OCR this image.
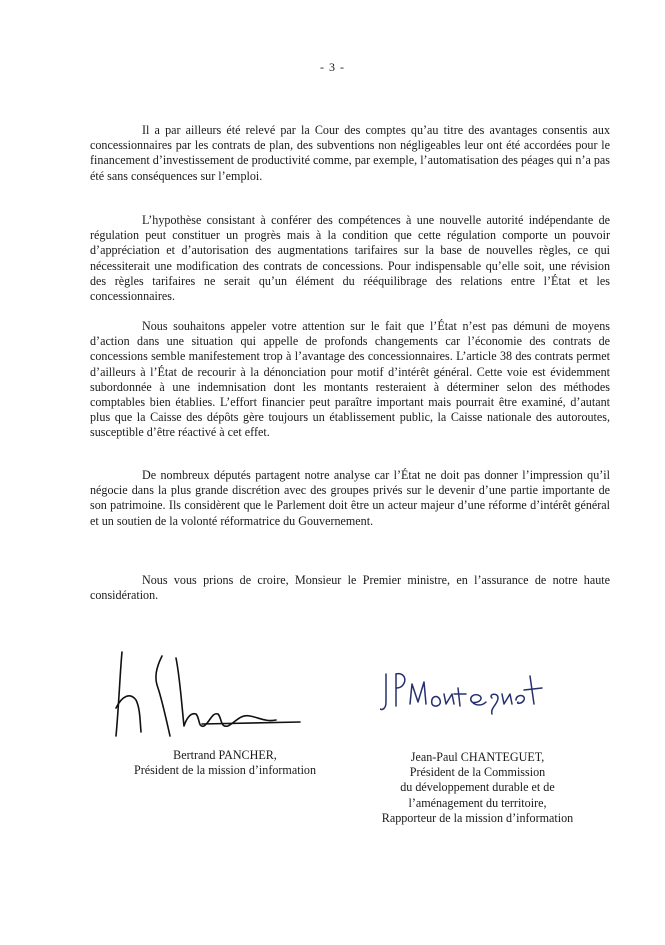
- 3 -

Il a par ailleurs été relevé par la Cour des comptes qu’au titre des avantages consentis aux concessionnaires par les contrats de plan, des subventions non négligeables leur ont été accordées pour le financement d’investissement de productivité comme, par exemple, l’automatisation des péages qui n’a pas été sans conséquences sur l’emploi.

L’hypothèse consistant à conférer des compétences à une nouvelle autorité indépendante de régulation peut constituer un progrès mais à la condition que cette régulation comporte un pouvoir d’appréciation et d’autorisation des augmentations tarifaires sur la base de nouvelles règles, ce qui nécessiterait une modification des contrats de concessions. Pour indispensable qu’elle soit, une révision des règles tarifaires ne serait qu’un élément du rééquilibrage des relations entre l’État et les concessionnaires.

Nous souhaitons appeler votre attention sur le fait que l’État n’est pas démuni de moyens d’action dans une situation qui appelle de profonds changements car l’économie des contrats de concessions semble manifestement trop à l’avantage des concessionnaires. L’article 38 des contrats permet d’ailleurs à l’État de recourir à la dénonciation pour motif d’intérêt général. Cette voie est évidemment subordonnée à une indemnisation dont les montants resteraient à déterminer selon des méthodes comptables bien établies. L’effort financier peut paraître important mais pourrait être examiné, d’autant plus que la Caisse des dépôts gère toujours un établissement public, la Caisse nationale des autoroutes, susceptible d’être réactivé à cet effet.

De nombreux députés partagent notre analyse car l’État ne doit pas donner l’impression qu’il négocie dans la plus grande discrétion avec des groupes privés sur le devenir d’une partie importante de son patrimoine. Ils considèrent que le Parlement doit être un acteur majeur d’une réforme d’intérêt général et un soutien de la volonté réformatrice du Gouvernement.

Nous vous prions de croire, Monsieur le Premier ministre, en l’assurance de notre haute considération.

Bertrand PANCHER,
Président de la mission d’information
Jean-Paul CHANTEGUET,
Président de la Commission
du développement durable et de
l’aménagement du territoire,
Rapporteur de la mission d’information
